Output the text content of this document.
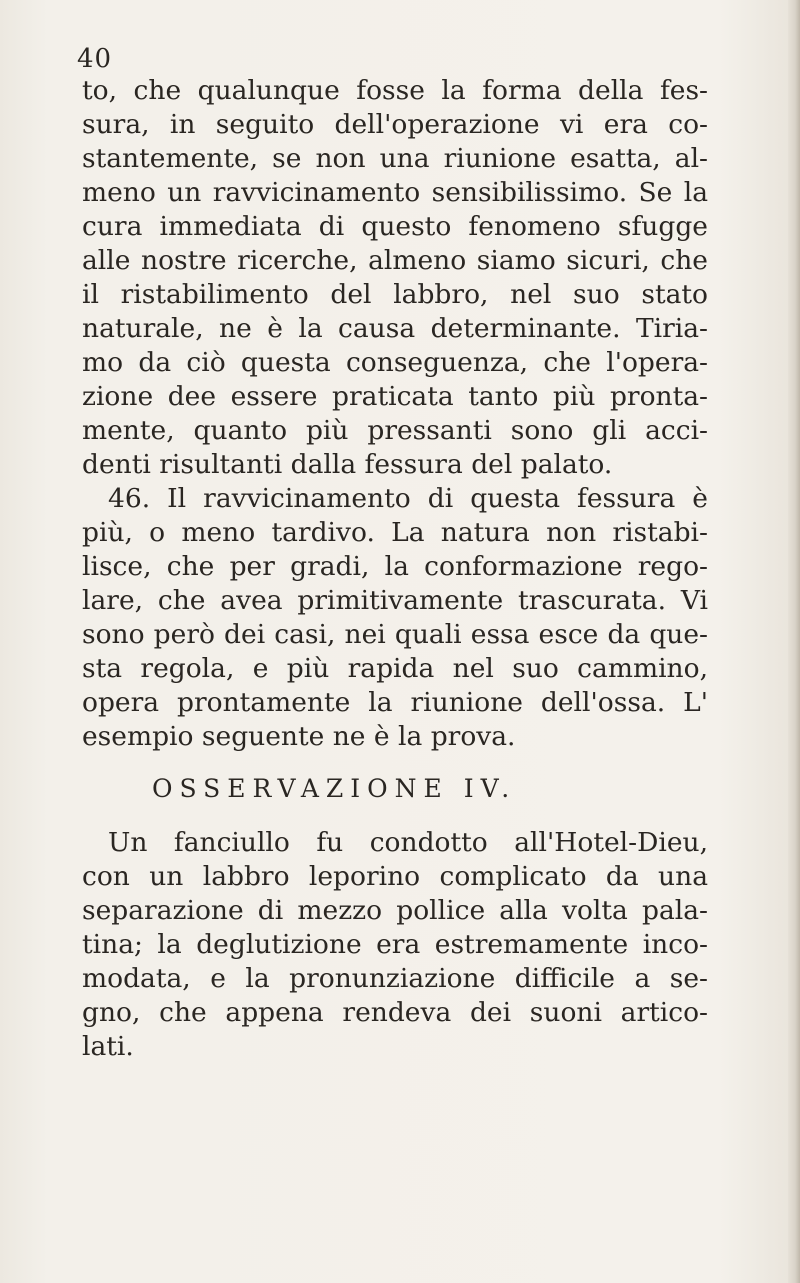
40
to, che qualunque fosse la forma della fes-
sura, in seguito dell'operazione vi era co-
stantemente, se non una riunione esatta, al-
meno un ravvicinamento sensibilissimo. Se la
cura immediata di questo fenomeno sfugge
alle nostre ricerche, almeno siamo sicuri, che
il ristabilimento del labbro, nel suo stato
naturale, ne è la causa determinante. Tiria-
mo da ciò questa conseguenza, che l'opera-
zione dee essere praticata tanto più pronta-
mente, quanto più pressanti sono gli acci-
denti risultanti dalla fessura del palato.
46. Il ravvicinamento di questa fessura è
più, o meno tardivo. La natura non ristabi-
lisce, che per gradi, la conformazione rego-
lare, che avea primitivamente trascurata. Vi
sono però dei casi, nei quali essa esce da que-
sta regola, e più rapida nel suo cammino,
opera prontamente la riunione dell'ossa. L'
esempio seguente ne è la prova.
OSSERVAZIONE IV.
Un fanciullo fu condotto all'Hotel-Dieu,
con un labbro leporino complicato da una
separazione di mezzo pollice alla volta pala-
tina; la deglutizione era estremamente inco-
modata, e la pronunziazione difficile a se-
gno, che appena rendeva dei suoni artico-
lati.
